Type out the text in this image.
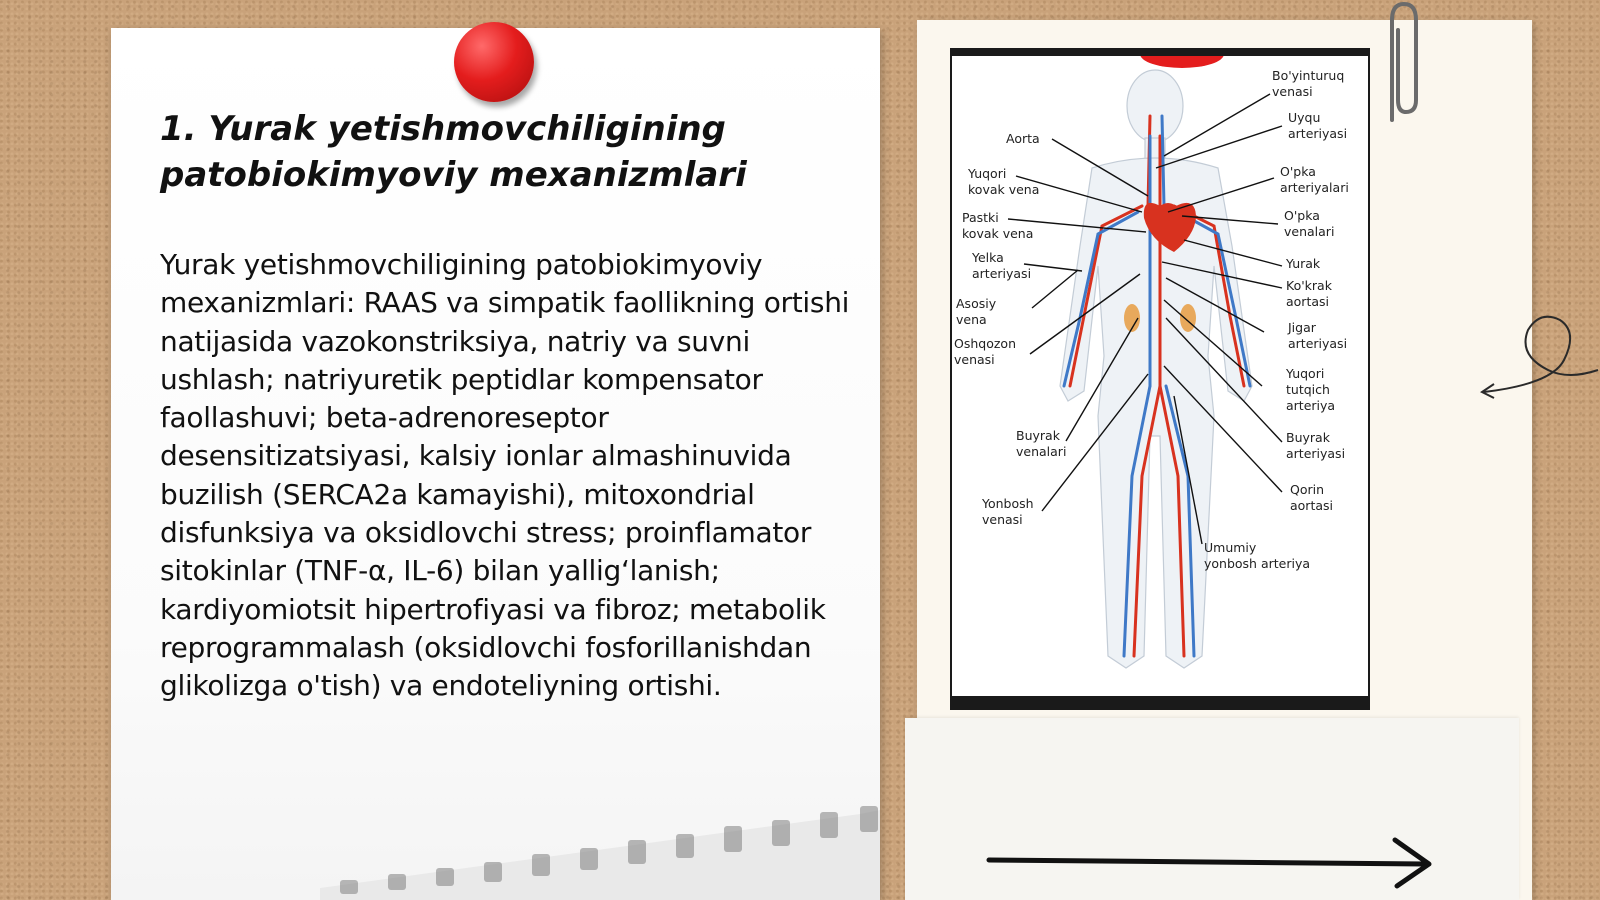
1. Yurak yetishmovchiligining patobiokimyoviy mexanizmlari

Yurak yetishmovchiligining patobiokimyoviy mexanizmlari: RAAS va simpatik faollikning ortishi natijasida vazokonstriksiya, natriy va suvni ushlash; natriyuretik peptidlar kompensator faollashuvi; beta-adrenoreseptor desensitizatsiyasi, kalsiy ionlar almashinuvida buzilish (SERCA2a kamayishi), mitoxondrial disfunksiya va oksidlovchi stress; proinflamator sitokinlar (TNF-α, IL-6) bilan yallig‘lanish; kardiyomiotsit hipertrofiyasi va fibroz; metabolik reprogrammalash (oksidlovchi fosforillanishdan glikolizga o'tish) va endoteliyning ortishi.

Aorta
Yuqori kovak vena
Pastki kovak vena
Yelka arteriyasi
Asosiy vena
Oshqozon venasi
Buyrak venalari
Yonbosh venasi
Bo'yinturuq venasi
Uyqu arteriyasi
O'pka arteriyalari
O'pka venalari
Yurak
Ko'krak aortasi
Jigar arteriyasi
Yuqori tutqich arteriya
Buyrak arteriyasi
Qorin aortasi
Umumiy yonbosh arteriya
